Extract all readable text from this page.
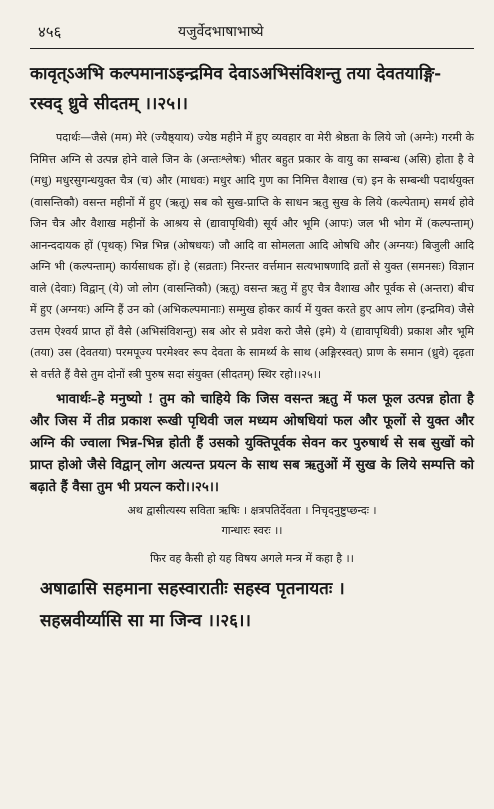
४५६	यजुर्वेदभाषाभाष्ये
कावृत्ऽअभि कल्पमानाऽइन्द्रमिव देवाऽअभिसंविशन्तु तया देवतयाङ्गि-
रस्वद् ध्रुवे सीदतम् ।।२५।।

पदार्थः—जैसे (मम) मेरे (ज्यैष्ठ्याय) ज्येष्ठ महीने में हुए व्यवहार वा मेरी श्रेष्ठता के लिये जो (अग्नेः) गरमी के निमित्त अग्नि से उत्पन्न होने वाले जिन के (अन्तःश्लेषः) भीतर बहुत प्रकार के वायु का सम्बन्ध (असि) होता है वे (मधु) मधुरसुगन्धयुक्त चैत्र (च) और (माधवः) मधुर आदि गुण का निमित्त वैशाख (च) इन के सम्बन्धी पदार्थयुक्त (वासन्तिकौ) वसन्त महीनों में हुए (ऋतू) सब को सुख-प्राप्ति के साधन ऋतु सुख के लिये (कल्पेताम्) समर्थ होवे जिन चैत्र और वैशाख महीनों के आश्रय से (द्यावापृथिवी) सूर्य और भूमि (आपः) जल भी भोग में (कल्पन्ताम्) आनन्ददायक हों (पृथक्) भिन्न भिन्न (ओषधयः) जौ आदि वा सोमलता आदि ओषधि और (अग्नयः) बिजुली आदि अग्नि भी (कल्पन्ताम्) कार्यसाधक हों। हे (सव्रताः) निरन्तर वर्त्तमान सत्यभाषणादि व्रतों से युक्त (समनसः) विज्ञान वाले (देवाः) विद्वान् (ये) जो लोग (वासन्तिकौ) (ऋतू) वसन्त ऋतु में हुए चैत्र वैशाख और पूर्वक से (अन्तरा) बीच में हुए (अग्नयः) अग्नि हैं उन को (अभिकल्पमानाः) सम्मुख होकर कार्य में युक्त करते हुए आप लोग (इन्द्रमिव) जैसे उत्तम ऐश्वर्य प्राप्त हों वैसे (अभिसंविशन्तु) सब ओर से प्रवेश करो जैसे (इमे) ये (द्यावापृथिवी) प्रकाश और भूमि (तया) उस (देवतया) परमपूज्य परमेश्वर रूप देवता के सामर्थ्य के साथ (अङ्गिरस्वत्) प्राण के समान (ध्रुवे) दृढ़ता से वर्त्तते हैं वैसे तुम दोनों स्त्री पुरुष सदा संयुक्त (सीदतम्) स्थिर रहो।।२५।।

भावार्थः–हे मनुष्यो ! तुम को चाहिये कि जिस वसन्त ऋतु में फल फूल उत्पन्न होता है और जिस में तीव्र प्रकाश रूखी पृथिवी जल मध्यम ओषधियां फल और फूलों से युक्त और अग्नि की ज्वाला भिन्न-भिन्न होती हैं उसको युक्तिपूर्वक सेवन कर पुरुषार्थ से सब सुखों को प्राप्त होओ जैसे विद्वान् लोग अत्यन्त प्रयत्न के साथ सब ऋतुओं में सुख के लिये सम्पत्ति को बढ़ाते हैं वैसा तुम भी प्रयत्न करो।।२५।।

अथ द्वासीत्यस्य सविता ऋषिः । क्षत्रपतिर्देवता । निचृदनुष्टुप्छन्दः ।

गान्धारः स्वरः ।।

फिर वह कैसी हो यह विषय अगले मन्त्र में कहा है ।।

अषाढासि सहमाना सहस्वारातीः सहस्व पृतनायतः ।
सहस्रवीर्य्यासि सा मा जिन्व ।।२६।।
